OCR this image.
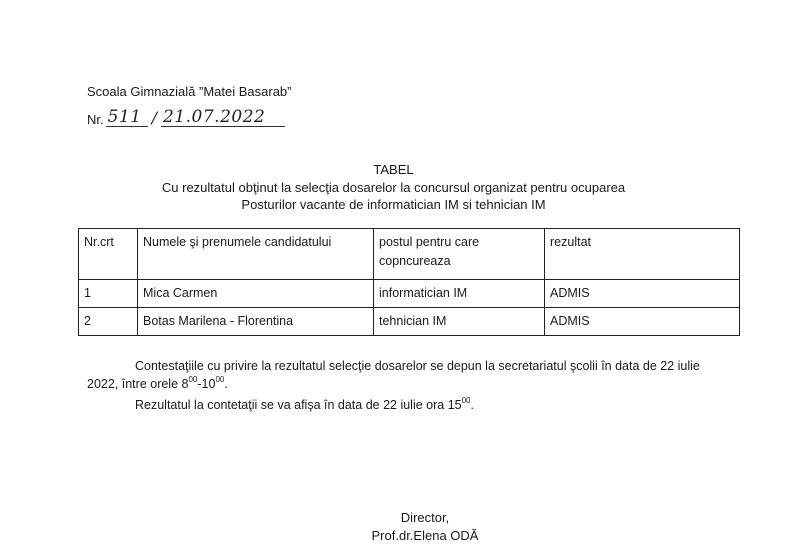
Scoala Gimnazială ”Matei Basarab”
Nr. 511 / 21.07.2022
TABEL
Cu rezultatul obţinut la selecţia dosarelor la concursul organizat pentru ocuparea
Posturilor vacante de informatician IM si tehnician IM
Nr.crt	Numele şi prenumele candidatului	postul pentru care copncureaza	rezultat
1	Mica Carmen	informatician IM	ADMIS
2	Botas Marilena - Florentina	tehnician IM	ADMIS
Contestaţiile cu privire la rezultatul selecţie dosarelor se depun la secretariatul şcolii în data de 22 iulie
2022, între orele $8^{00}-10^{00}$.
Rezultatul la contetaţii se va afişa în data de 22 iulie ora $15^{00}$.
Director,
Prof.dr.Elena ODĂ
